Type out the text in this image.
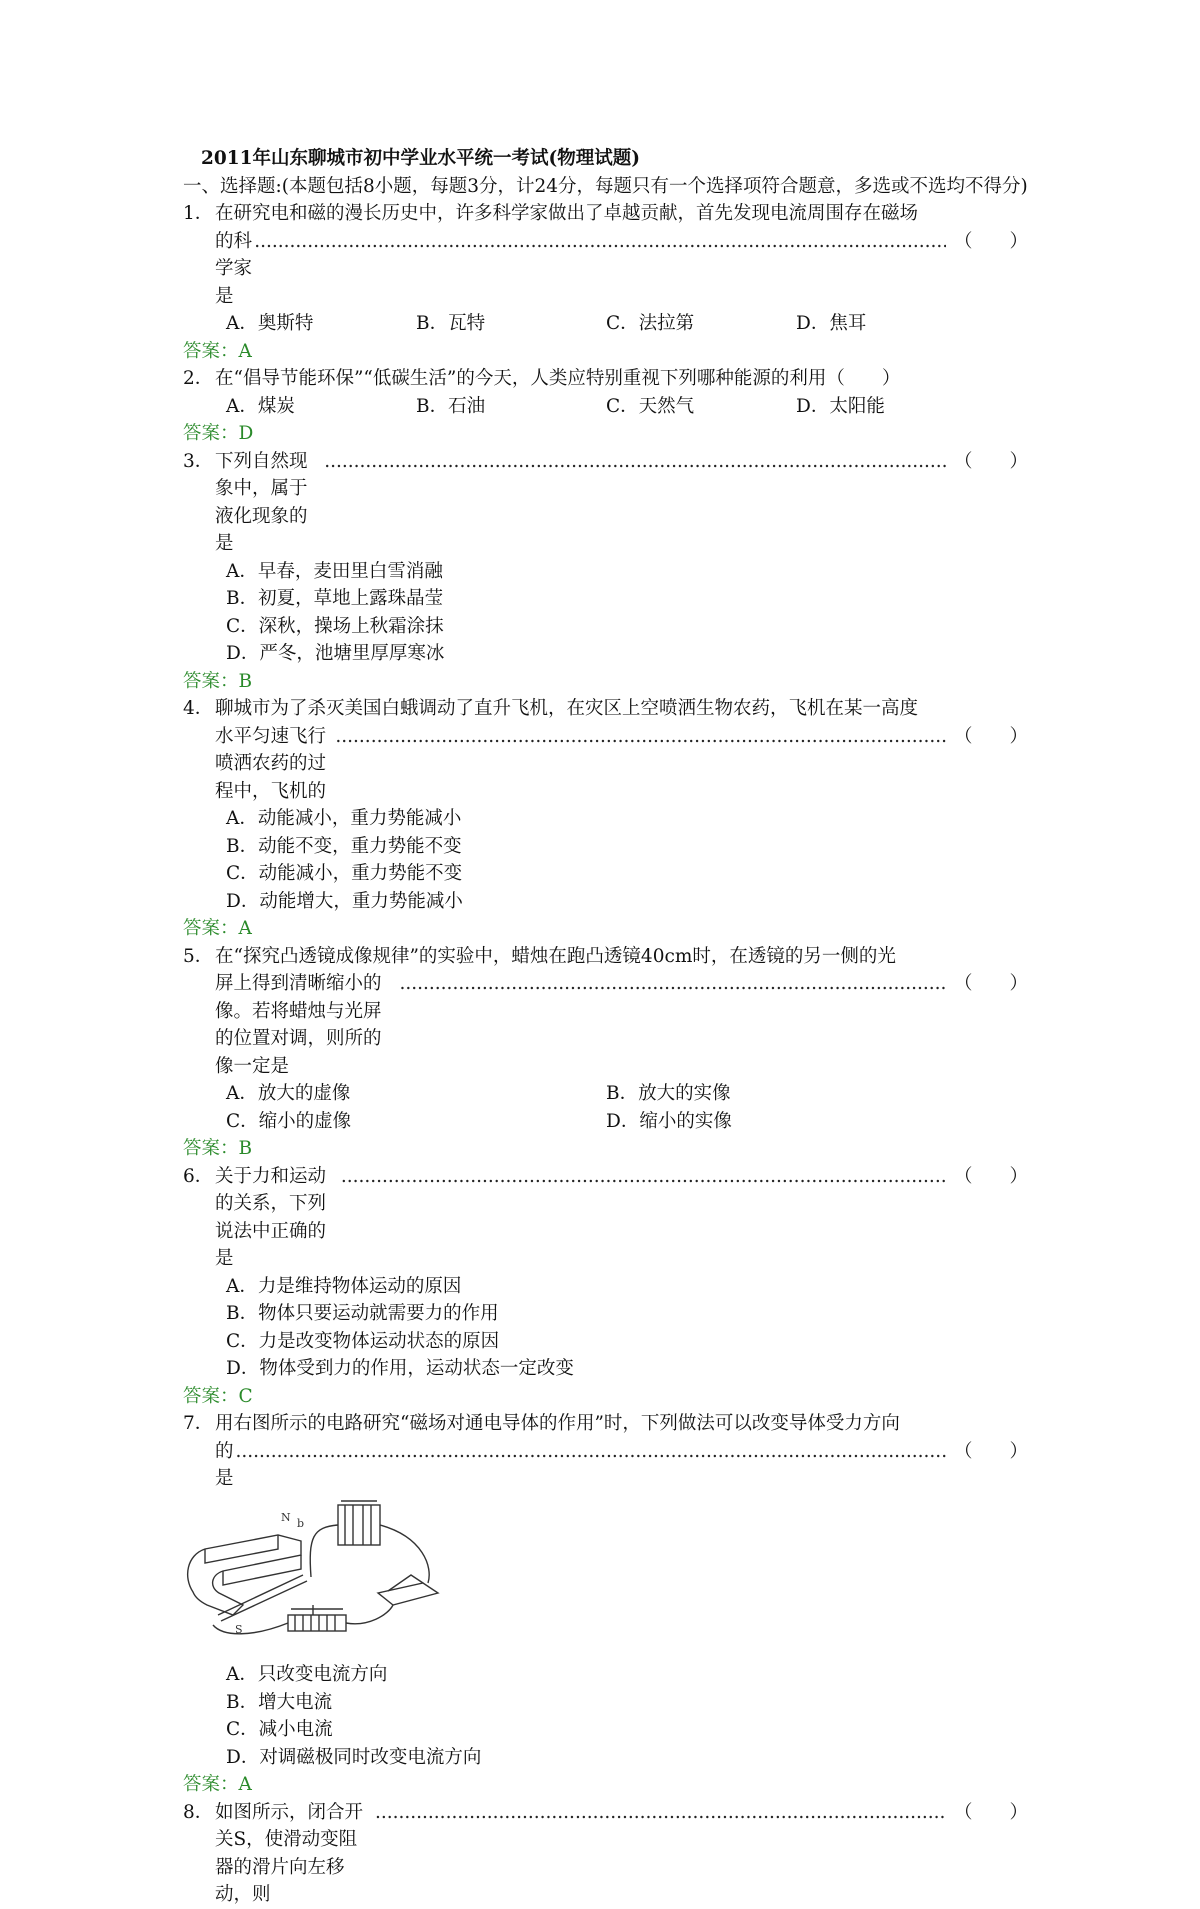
2011年山东聊城市初中学业水平统一考试(物理试题)

一、选择题:(本题包括8小题，每题3分，计24分，每题只有一个选择项符合题意，多选或不选均不得分)

1． 在研究电和磁的漫长历史中，许多科学家做出了卓越贡献，首先发现电流周围存在磁场
的科学家是
.....
（　　）
A．奥斯特	B．瓦特	C．法拉第	D．焦耳
答案：A
2． 在“倡导节能环保”“低碳生活”的今天，人类应特别重视下列哪种能源的利用（　　）
A．煤炭	B．石油	C．天然气	D．太阳能
答案：D
3． 下列自然现象中，属于液化现象的是
.....
（　　）
A．早春，麦田里白雪消融
B．初夏，草地上露珠晶莹
C．深秋，操场上秋霜涂抹
D．严冬，池塘里厚厚寒冰
答案：B
4． 聊城市为了杀灭美国白蛾调动了直升飞机，在灾区上空喷洒生物农药，飞机在某一高度
水平匀速飞行喷洒农药的过程中，飞机的
.....
（　　）
A．动能减小，重力势能减小
B．动能不变，重力势能不变
C．动能减小，重力势能不变
D．动能增大，重力势能减小
答案：A
5． 在“探究凸透镜成像规律”的实验中，蜡烛在跑凸透镜40cm时，在透镜的另一侧的光
屏上得到清晰缩小的像。若将蜡烛与光屏的位置对调，则所的像一定是
.....
（　　）
A．放大的虚像	B．放大的实像
C．缩小的虚像	D．缩小的实像
答案：B
6． 关于力和运动的关系，下列说法中正确的是
.....
（　　）
A．力是维持物体运动的原因
B．物体只要运动就需要力的作用
C．力是改变物体运动状态的原因
D．物体受到力的作用，运动状态一定改变
答案：C
7． 用右图所示的电路研究“磁场对通电导体的作用”时，下列做法可以改变导体受力方向
的是
.....
（　　）
N b
S
A．只改变电流方向
B．增大电流
C．减小电流
D．对调磁极同时改变电流方向
答案：A
8． 如图所示，闭合开关S，使滑动变阻器的滑片向左移动，则
.....
（　　）
